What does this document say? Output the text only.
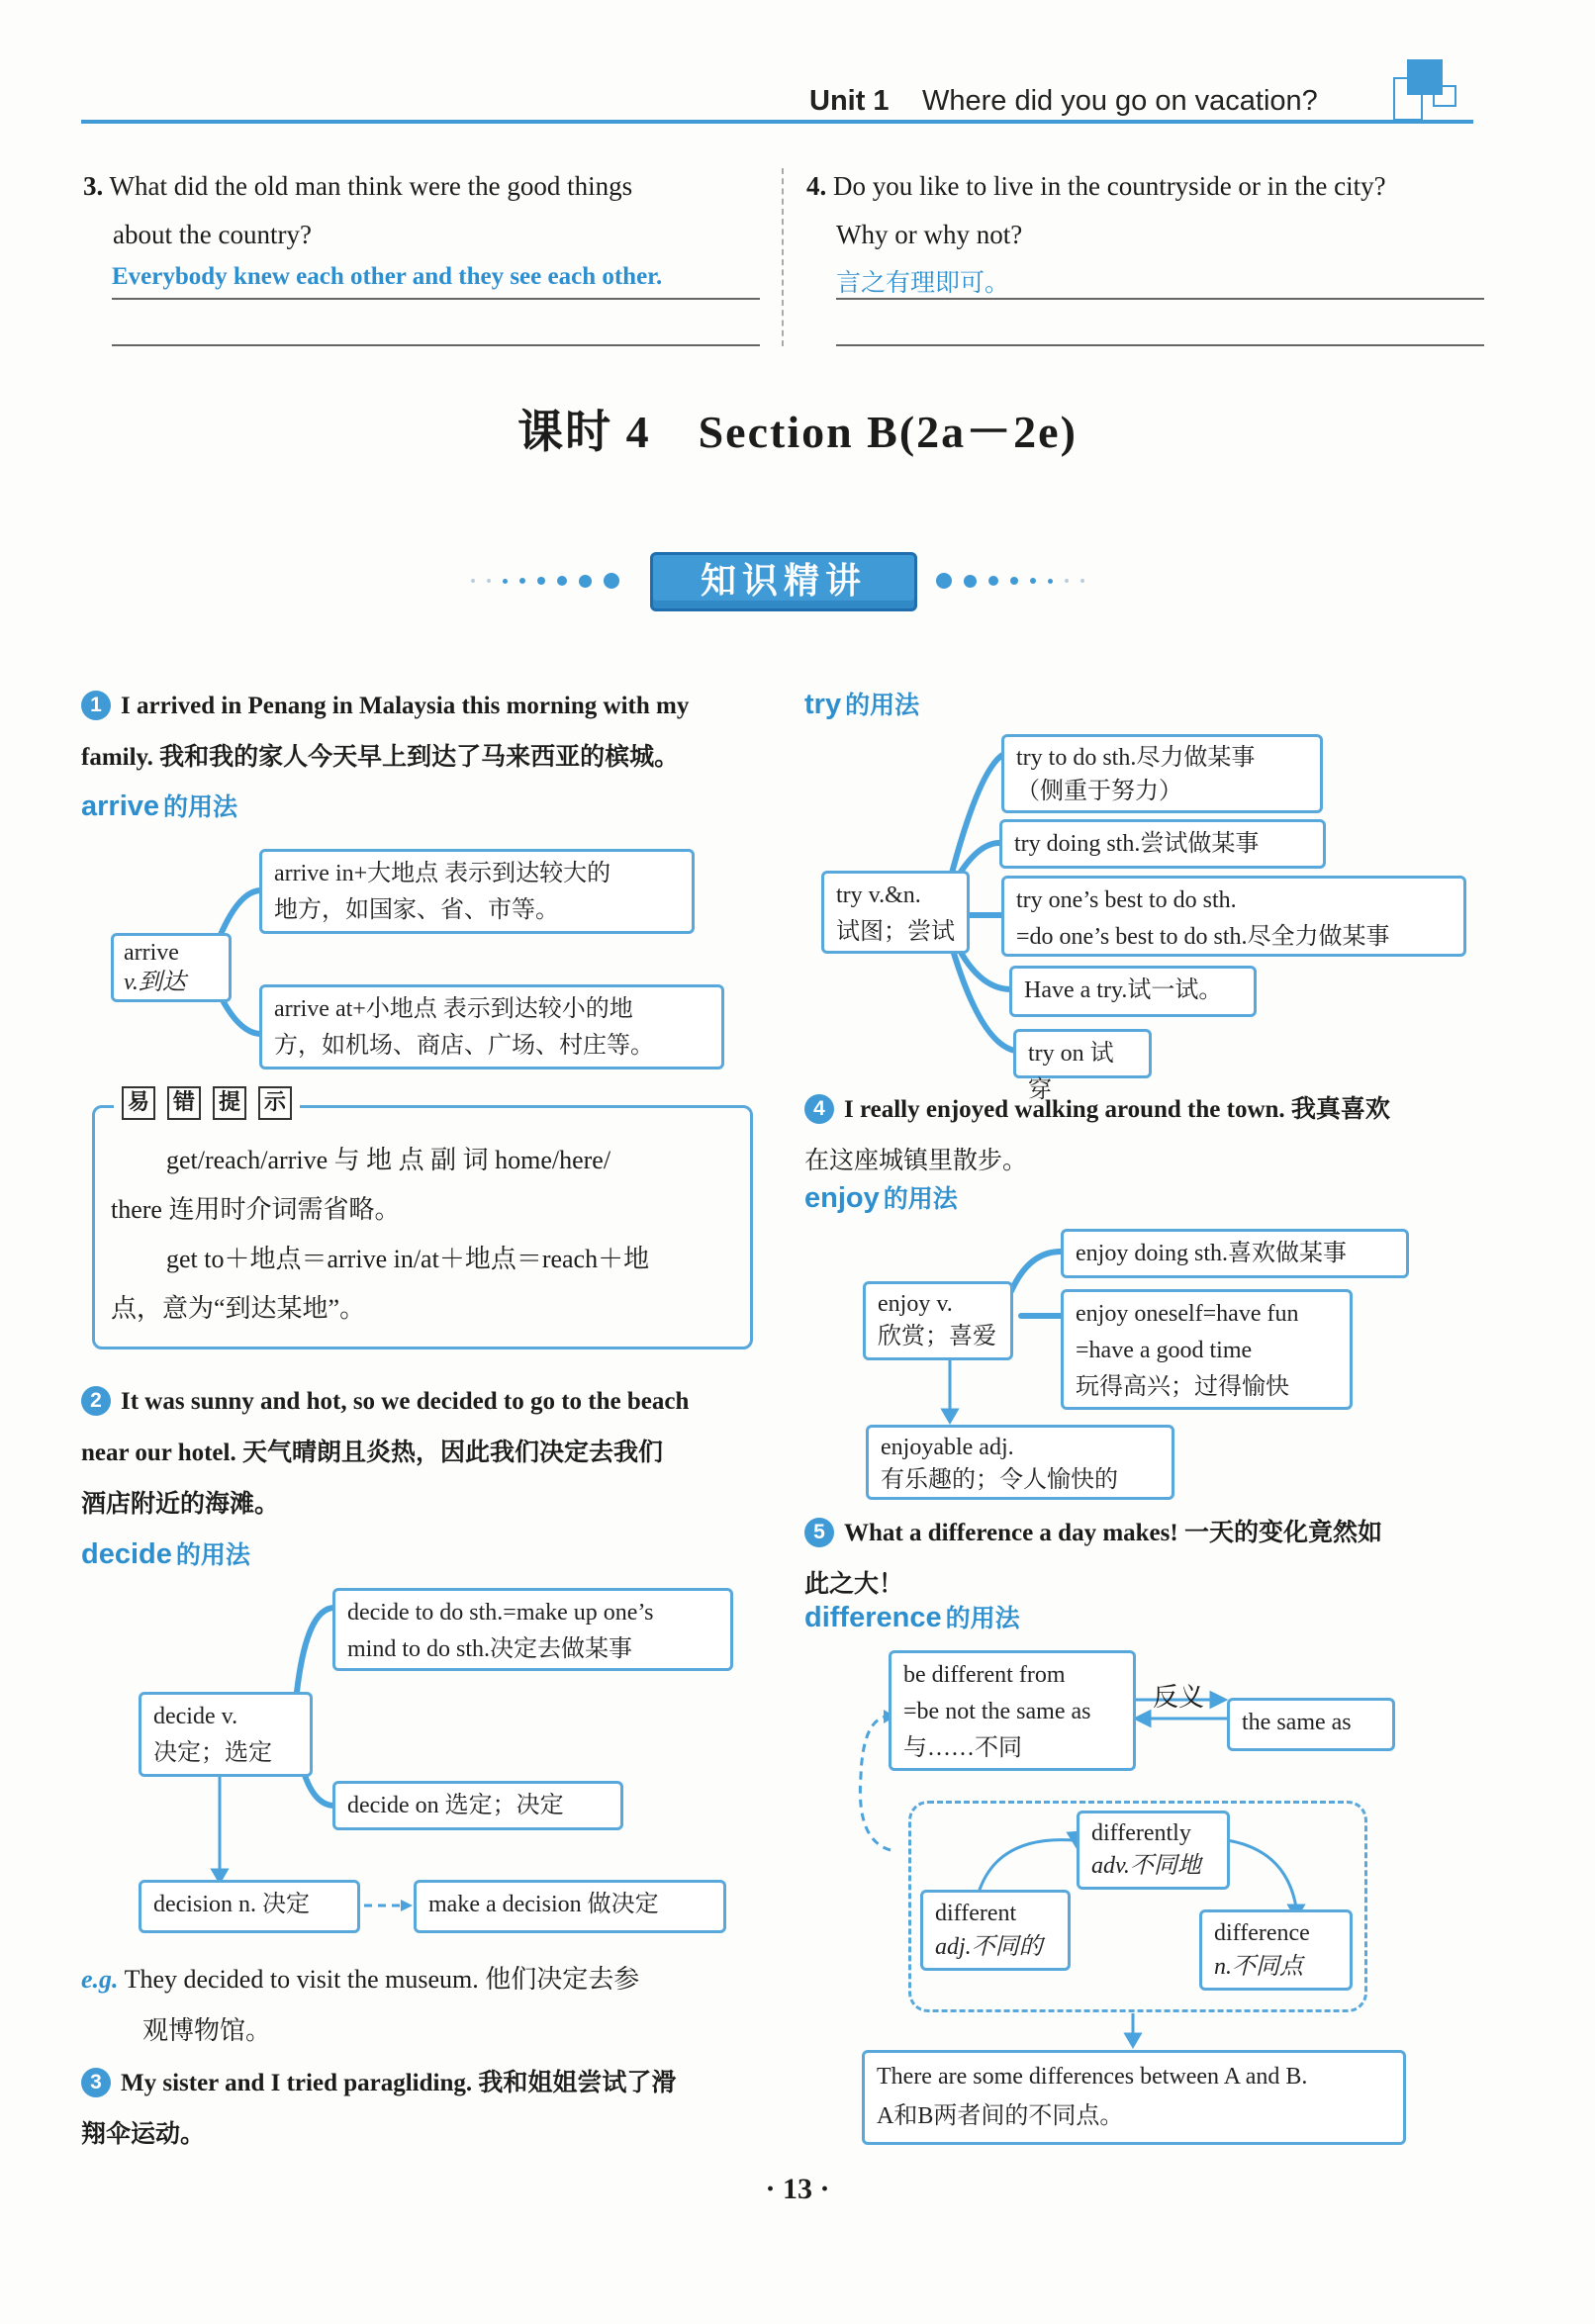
Unit 1 Where did you go on vacation?
3. What did the old man think were the good things
about the country?
Everybody knew each other and they see each other.
4. Do you like to live in the countryside or in the city?
Why or why not?
言之有理即可。
课时 4　Section B(2a－2e)
知识精讲
1 I arrived in Penang in Malaysia this morning with my
family. 我和我的家人今天早上到达了马来西亚的槟城。
arrive 的用法
arrive
v.到达
arrive in+大地点 表示到达较大的
地方，如国家、省、市等。
arrive at+小地点 表示到达较小的地
方，如机场、商店、广场、村庄等。
易 错 提 示
get/reach/arrive 与 地 点 副 词 home/here/
there 连用时介词需省略。
get to＋地点＝arrive in/at＋地点＝reach＋地
点，意为“到达某地”。
2 It was sunny and hot, so we decided to go to the beach
near our hotel. 天气晴朗且炎热，因此我们决定去我们
酒店附近的海滩。
decide 的用法
decide to do sth.=make up one’s
mind to do sth.决定去做某事
decide v.
决定；选定
decide on 选定；决定
decision n. 决定	make a decision 做决定
e.g. They decided to visit the museum. 他们决定去参
观博物馆。
3 My sister and I tried paragliding. 我和姐姐尝试了滑
翔伞运动。
try 的用法
try to do sth.尽力做某事
（侧重于努力）
try doing sth.尝试做某事
try v.&n.
试图；尝试
try one’s best to do sth.
=do one’s best to do sth.尽全力做某事
Have a try.试一试。
try on 试穿
4 I really enjoyed walking around the town. 我真喜欢
在这座城镇里散步。
enjoy 的用法
enjoy doing sth.喜欢做某事
enjoy v.
欣赏；喜爱
enjoy oneself=have fun
=have a good time
玩得高兴；过得愉快
enjoyable adj.
有乐趣的；令人愉快的
5 What a difference a day makes! 一天的变化竟然如
此之大！
difference 的用法
be different from
=be not the same as
与……不同
反义
the same as
differently
adv.不同地
different
adj.不同的
difference
n.不同点
There are some differences between A and B.
A和B两者间的不同点。
· 13 ·
